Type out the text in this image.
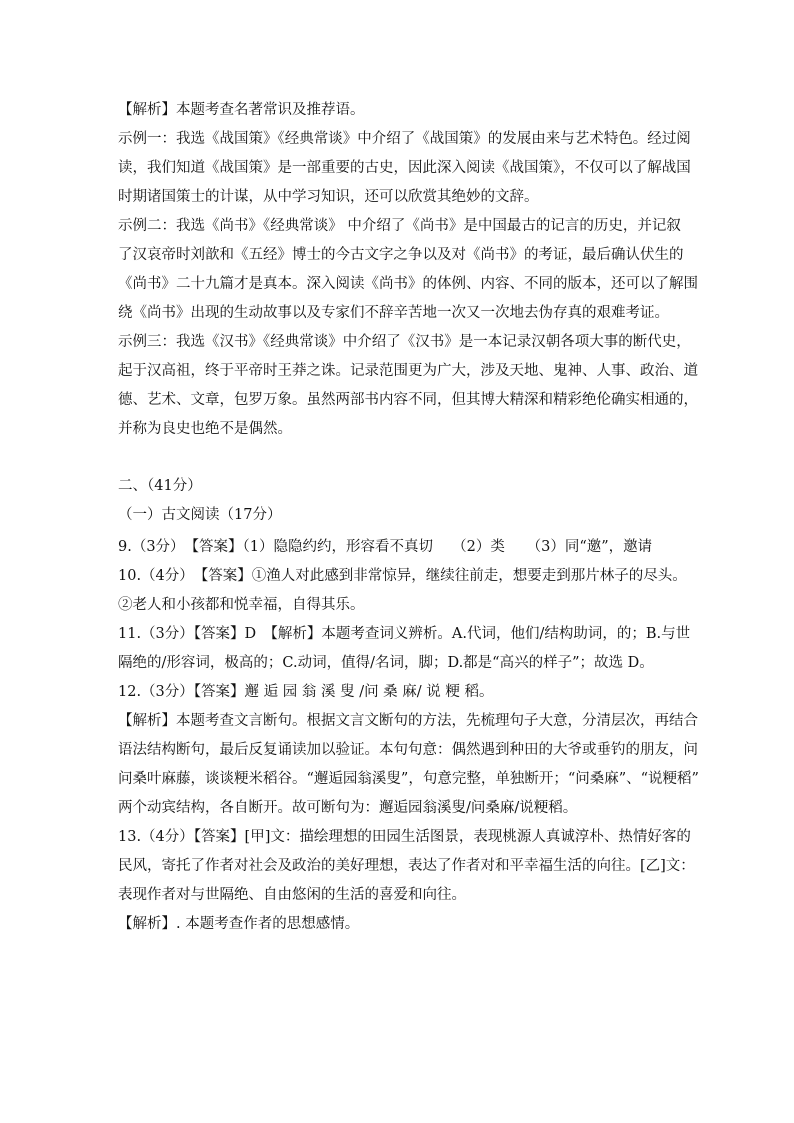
【解析】本题考查名著常识及推荐语。

示例一：我选《战国策》《经典常谈》中介绍了《战国策》的发展由来与艺术特色。经过阅

读，我们知道《战国策》是一部重要的古史，因此深入阅读《战国策》，不仅可以了解战国

时期诸国策士的计谋，从中学习知识，还可以欣赏其绝妙的文辞。

示例二：我选《尚书》《经典常谈》 中介绍了《尚书》是中国最古的记言的历史，并记叙

了汉哀帝时刘歆和《五经》博士的今古文字之争以及对《尚书》的考证，最后确认伏生的

《尚书》二十九篇才是真本。深入阅读《尚书》的体例、内容、不同的版本，还可以了解围

绕《尚书》出现的生动故事以及专家们不辞辛苦地一次又一次地去伪存真的艰难考证。

示例三：我选《汉书》《经典常谈》中介绍了《汉书》是一本记录汉朝各项大事的断代史，

起于汉高祖，终于平帝时王莽之诛。记录范围更为广大，涉及天地、鬼神、人事、政治、道

德、艺术、文章，包罗万象。虽然两部书内容不同，但其博大精深和精彩绝伦确实相通的，

并称为良史也绝不是偶然。

二、（41分）

（一）古文阅读（17分）

9.（3分）　【答案】（1）隐隐约约，形容看不真切　 （2）类　　（3）同“邀”，邀请

10.（4分）　【答案】①渔人对此感到非常惊异，继续往前走，想要走到那片林子的尽头。

②老人和小孩都和悦幸福，自得其乐。

11.（3分）【答案】D　【解析】本题考查词义辨析。A.代词，他们/结构助词，的；B.与世

隔绝的/形容词，极高的；C.动词，值得/名词，脚；D.都是“高兴的样子”；故选 D。

12.（3分）【答案】邂 逅 园 翁 溪 叟 /问 桑 麻/ 说 粳 稻。

【解析】本题考查文言断句。根据文言文断句的方法，先梳理句子大意，分清层次，再结合

语法结构断句，最后反复诵读加以验证。本句句意：偶然遇到种田的大爷或垂钓的朋友，问

问桑叶麻藤，谈谈粳米稻谷。“邂逅园翁溪叟”，句意完整，单独断开；“问桑麻”、“说粳稻”

两个动宾结构，各自断开。故可断句为：邂逅园翁溪叟/问桑麻/说粳稻。

13.（4分）【答案】[甲]文：描绘理想的田园生活图景，表现桃源人真诚淳朴、热情好客的

民风，寄托了作者对社会及政治的美好理想，表达了作者对和平幸福生活的向往。[乙]文：

表现作者对与世隔绝、自由悠闲的生活的喜爱和向往。

【解析】. 本题考查作者的思想感情。
